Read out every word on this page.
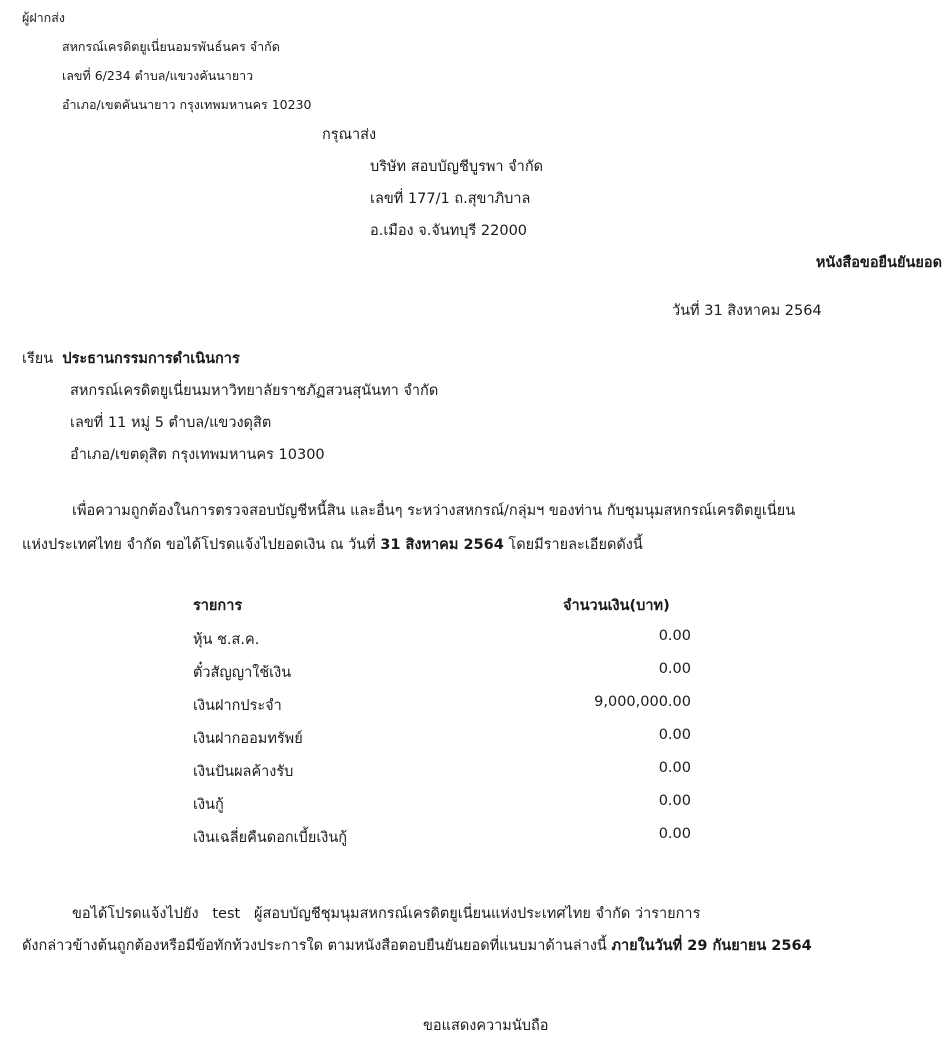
ผู้ฝากส่ง
สหกรณ์เครดิตยูเนี่ยนอมรพันธ์นคร จำกัด
เลขที่ 6/234 ตำบล/แขวงคันนายาว
อำเภอ/เขตคันนายาว กรุงเทพมหานคร 10230
กรุณาส่ง
บริษัท สอบบัญชีบูรพา จำกัด
เลขที่ 177/1 ถ.สุขาภิบาล
อ.เมือง จ.จันทบุรี 22000
หนังสือขอยืนยันยอด
วันที่ 31 สิงหาคม 2564
เรียน ประธานกรรมการดำเนินการ
สหกรณ์เครดิตยูเนี่ยนมหาวิทยาลัยราชภัฏสวนสุนันทา จำกัด
เลขที่ 11 หมู่ 5 ตำบล/แขวงดุสิต
อำเภอ/เขตดุสิต กรุงเทพมหานคร 10300
เพื่อความถูกต้องในการตรวจสอบบัญชีหนี้สิน และอื่นๆ ระหว่างสหกรณ์/กลุ่มฯ ของท่าน กับชุมนุมสหกรณ์เครดิตยูเนี่ยน
แห่งประเทศไทย จำกัด ขอได้โปรดแจ้งไปยอดเงิน ณ วันที่ 31 สิงหาคม 2564 โดยมีรายละเอียดดังนี้
รายการ	จำนวนเงิน(บาท)
หุ้น ช.ส.ค.	0.00
ตั๋วสัญญาใช้เงิน	0.00
เงินฝากประจำ	9,000,000.00
เงินฝากออมทรัพย์	0.00
เงินปันผลค้างรับ	0.00
เงินกู้	0.00
เงินเฉลี่ยคืนดอกเบี้ยเงินกู้	0.00
ขอได้โปรดแจ้งไปยัง test ผู้สอบบัญชีชุมนุมสหกรณ์เครดิตยูเนี่ยนแห่งประเทศไทย จำกัด ว่ารายการ
ดังกล่าวข้างต้นถูกต้องหรือมีข้อทักท้วงประการใด ตามหนังสือตอบยืนยันยอดที่แนบมาด้านล่างนี้ ภายในวันที่ 29 กันยายน 2564
ขอแสดงความนับถือ
